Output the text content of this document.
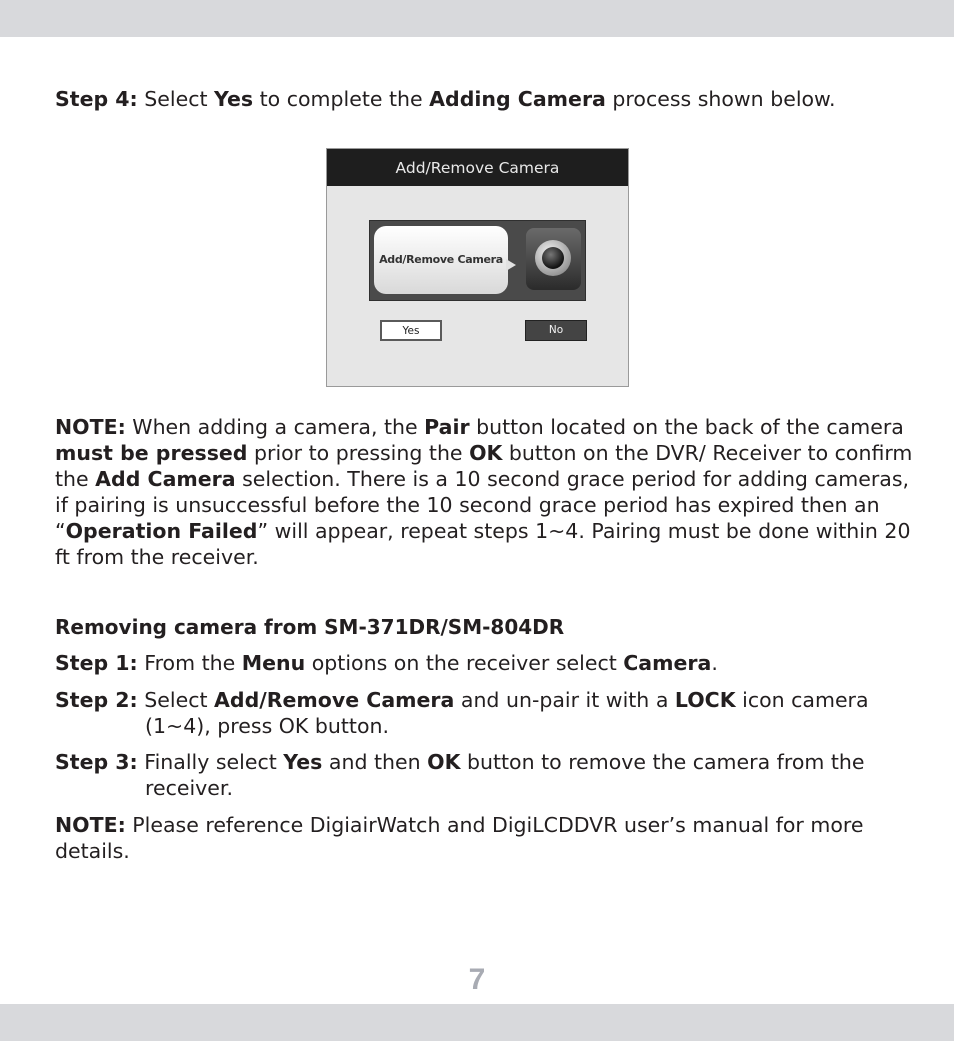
Step 4: Select Yes to complete the Adding Camera process shown below.

Add/Remove Camera
Add/Remove Camera
Yes	No

NOTE: When adding a camera, the Pair button located on the back of the camera must be pressed prior to pressing the OK button on the DVR/ Receiver to confirm the Add Camera selection. There is a 10 second grace period for adding cameras, if pairing is unsuccessful before the 10 second grace period has expired then an “Operation Failed” will appear, repeat steps 1~4. Pairing must be done within 20 ft from the receiver.

Removing camera from SM-371DR/SM-804DR

Step 1: From the Menu options on the receiver select Camera.

Step 2: Select Add/Remove Camera and un-pair it with a LOCK icon camera (1~4), press OK button.

Step 3: Finally select Yes and then OK button to remove the camera from the receiver.

NOTE: Please reference DigiairWatch and DigiLCDDVR user’s manual for more details.

7
